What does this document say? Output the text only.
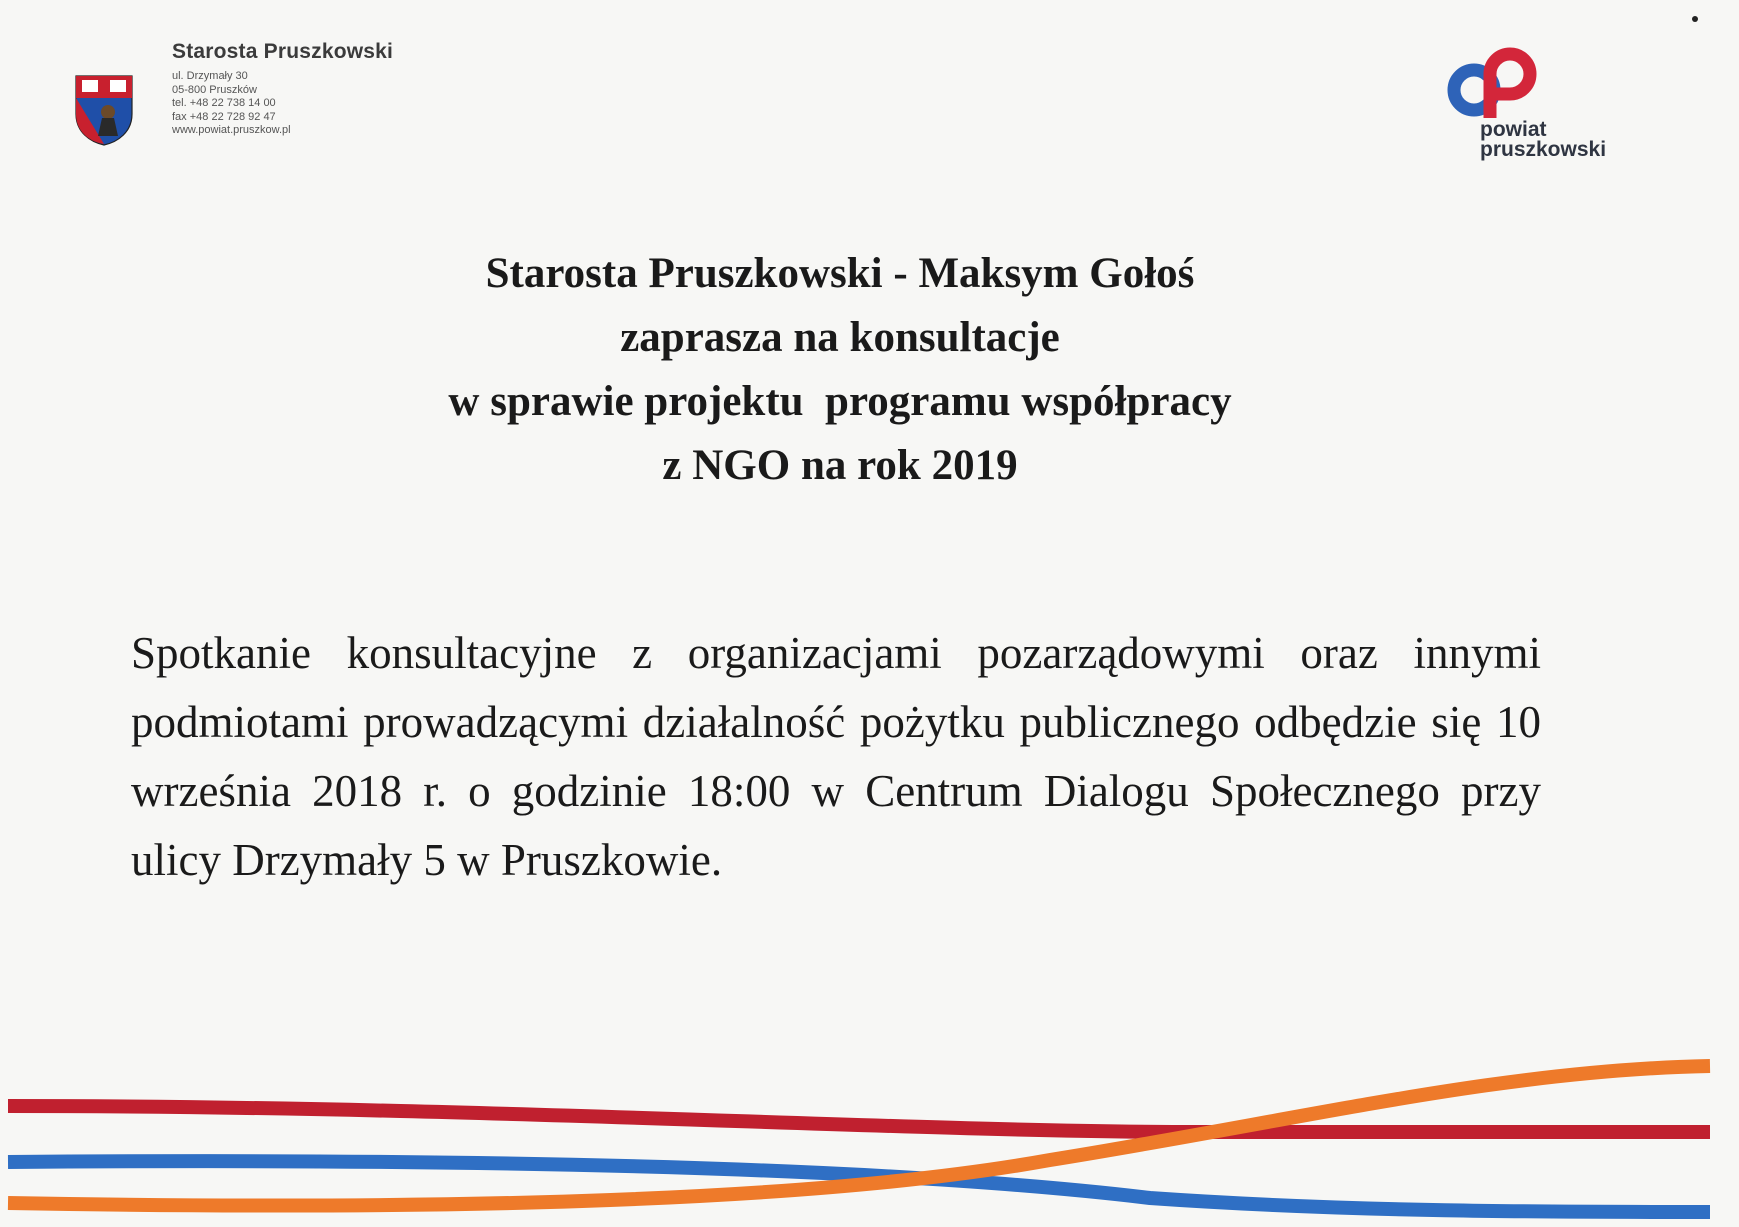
Starosta Pruszkowski
ul. Drzymały 30
05-800 Pruszków
tel. +48 22 738 14 00
fax +48 22 728 92 47
www.powiat.pruszkow.pl	powiat
pruszkowski

Starosta Pruszkowski - Maksym Gołoś

zaprasza na konsultacje

w sprawie projektu  programu współpracy

z NGO na rok 2019

Spotkanie konsultacyjne z organizacjami pozarządowymi oraz innymi podmiotami prowadzącymi działalność pożytku publicznego odbędzie się 10 września 2018 r. o godzinie 18:00 w Centrum Dialogu Społecznego przy ulicy Drzymały 5 w Pruszkowie.
